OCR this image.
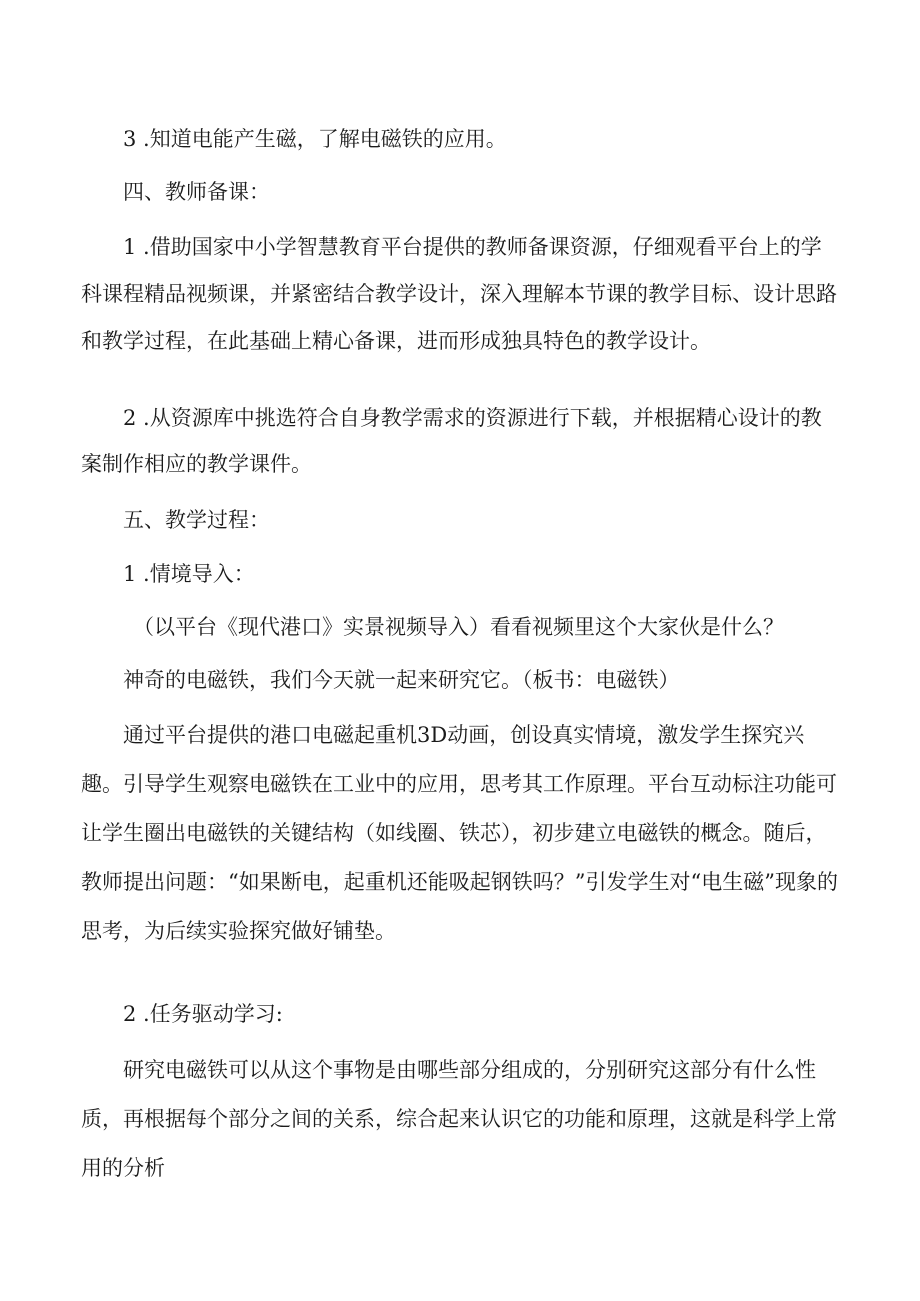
3 .知道电能产生磁，了解电磁铁的应用。

四、教师备课：

1 .借助国家中小学智慧教育平台提供的教师备课资源，仔细观看平台上的学科课程精品视频课，并紧密结合教学设计，深入理解本节课的教学目标、设计思路和教学过程，在此基础上精心备课，进而形成独具特色的教学设计。

2 .从资源库中挑选符合自身教学需求的资源进行下载，并根据精心设计的教案制作相应的教学课件。

五、教学过程：

1 .情境导入：

（以平台《现代港口》实景视频导入）看看视频里这个大家伙是什么？

神奇的电磁铁，我们今天就一起来研究它。（板书：电磁铁）

通过平台提供的港口电磁起重机3D动画，创设真实情境，激发学生探究兴趣。引导学生观察电磁铁在工业中的应用，思考其工作原理。平台互动标注功能可让学生圈出电磁铁的关键结构（如线圈、铁芯），初步建立电磁铁的概念。随后，教师提出问题：“如果断电，起重机还能吸起钢铁吗？”引发学生对“电生磁”现象的思考，为后续实验探究做好铺垫。

2 .任务驱动学习:

研究电磁铁可以从这个事物是由哪些部分组成的，分别研究这部分有什么性质，再根据每个部分之间的关系，综合起来认识它的功能和原理，这就是科学上常用的分析
